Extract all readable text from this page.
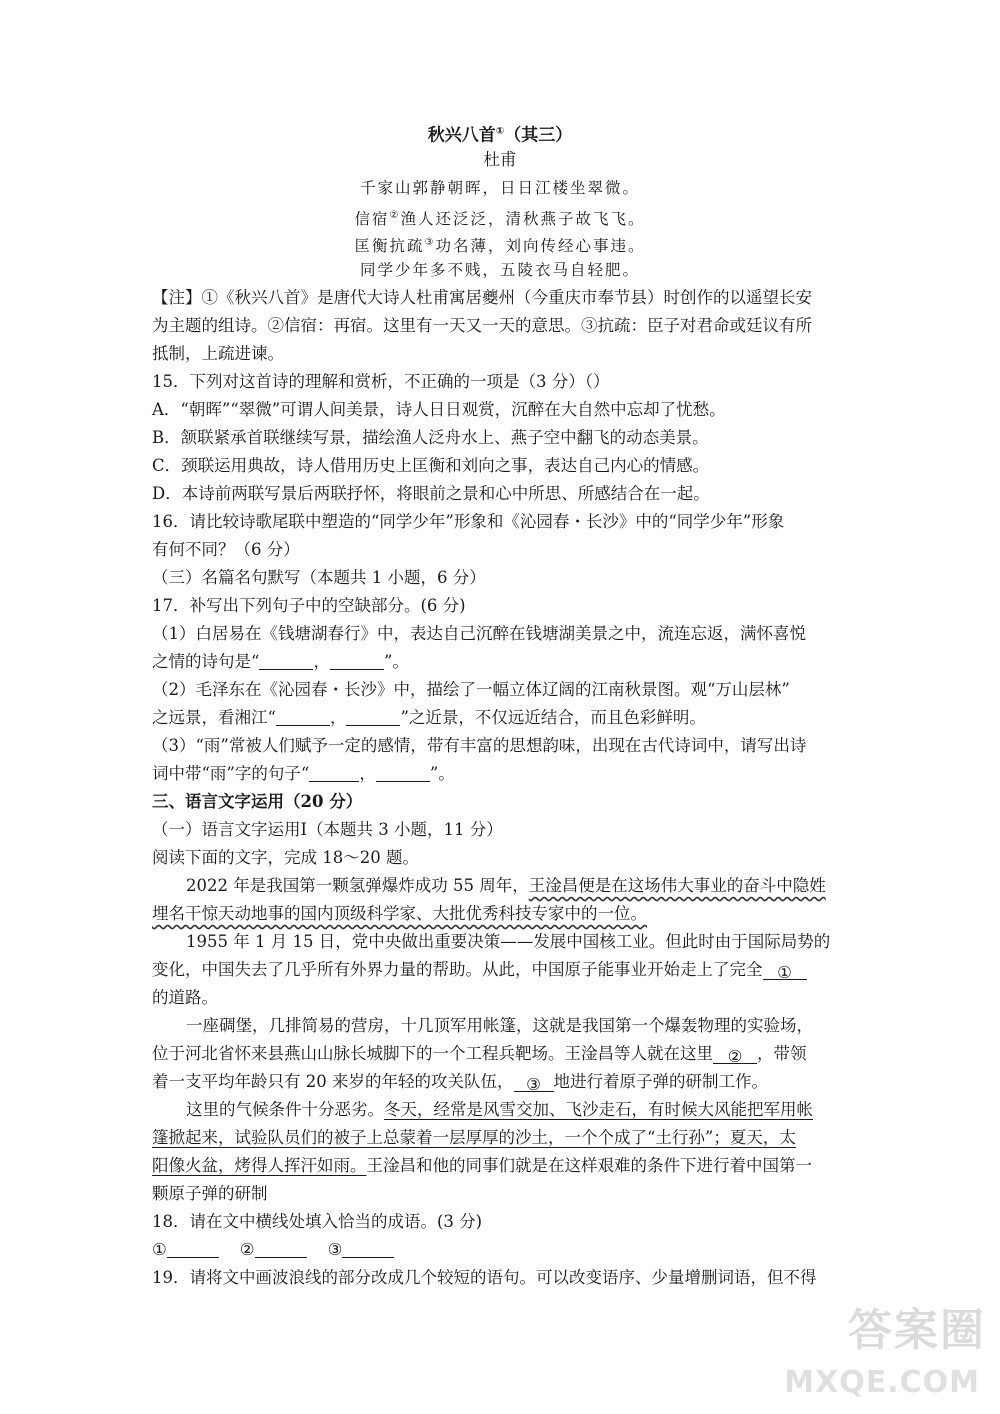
秋兴八首①（其三）
杜甫
千家山郭静朝晖，日日江楼坐翠微。
信宿②渔人还泛泛，清秋燕子故飞飞。
匡衡抗疏③功名薄，刘向传经心事违。
同学少年多不贱，五陵衣马自轻肥。
【注】①《秋兴八首》是唐代大诗人杜甫寓居夔州（今重庆市奉节县）时创作的以遥望长安
为主题的组诗。②信宿：再宿。这里有一天又一天的意思。③抗疏：臣子对君命或廷议有所
抵制，上疏进谏。
15．下列对这首诗的理解和赏析，不正确的一项是（3 分）（）
A．“朝晖”“翠微”可谓人间美景，诗人日日观赏，沉醉在大自然中忘却了忧愁。
B．颔联紧承首联继续写景，描绘渔人泛舟水上、燕子空中翻飞的动态美景。
C．颈联运用典故，诗人借用历史上匡衡和刘向之事，表达自己内心的情感。
D．本诗前两联写景后两联抒怀，将眼前之景和心中所思、所感结合在一起。
16．请比较诗歌尾联中塑造的“同学少年”形象和《沁园春・长沙》中的“同学少年”形象
有何不同？（6 分）
（三）名篇名句默写（本题共 1 小题，6 分）
17．补写出下列句子中的空缺部分。(6 分)
（1）白居易在《钱塘湖春行》中，表达自己沉醉在钱塘湖美景之中，流连忘返，满怀喜悦
之情的诗句是“	，	”。
（2）毛泽东在《沁园春・长沙》中，描绘了一幅立体辽阔的江南秋景图。观“万山层林”
之远景，看湘江“	，	”之近景，不仅远近结合，而且色彩鲜明。
（3）“雨”常被人们赋予一定的感情，带有丰富的思想韵味，出现在古代诗词中，请写出诗
词中带“雨”字的句子“	，	”。
三、语言文字运用（20 分）
（一）语言文字运用Ⅰ（本题共 3 小题，11 分）
阅读下面的文字，完成 18～20 题。
2022 年是我国第一颗氢弹爆炸成功 55 周年，王淦昌便是在这场伟大事业的奋斗中隐姓
埋名干惊天动地事的国内顶级科学家、大批优秀科技专家中的一位。
1955 年 1 月 15 日，党中央做出重要决策——发展中国核工业。但此时由于国际局势的
变化，中国失去了几乎所有外界力量的帮助。从此，中国原子能事业开始走上了完全 ①
的道路。
一座碉堡，几排简易的营房，十几顶军用帐篷，这就是我国第一个爆轰物理的实验场，
位于河北省怀来县燕山山脉长城脚下的一个工程兵靶场。王淦昌等人就在这里 ② ，带领
着一支平均年龄只有 20 来岁的年轻的攻关队伍， ③ 地进行着原子弹的研制工作。
这里的气候条件十分恶劣。冬天，经常是风雪交加、飞沙走石，有时候大风能把军用帐
篷掀起来，试验队员们的被子上总蒙着一层厚厚的沙土，一个个成了“土行孙”；夏天，太
阳像火盆，烤得人挥汗如雨。王淦昌和他的同事们就是在这样艰难的条件下进行着中国第一
颗原子弹的研制
18．请在文中横线处填入恰当的成语。(3 分)
①	②	③
19．请将文中画波浪线的部分改成几个较短的语句。可以改变语序、少量增删词语，但不得
答案圈
MXQE.COM
